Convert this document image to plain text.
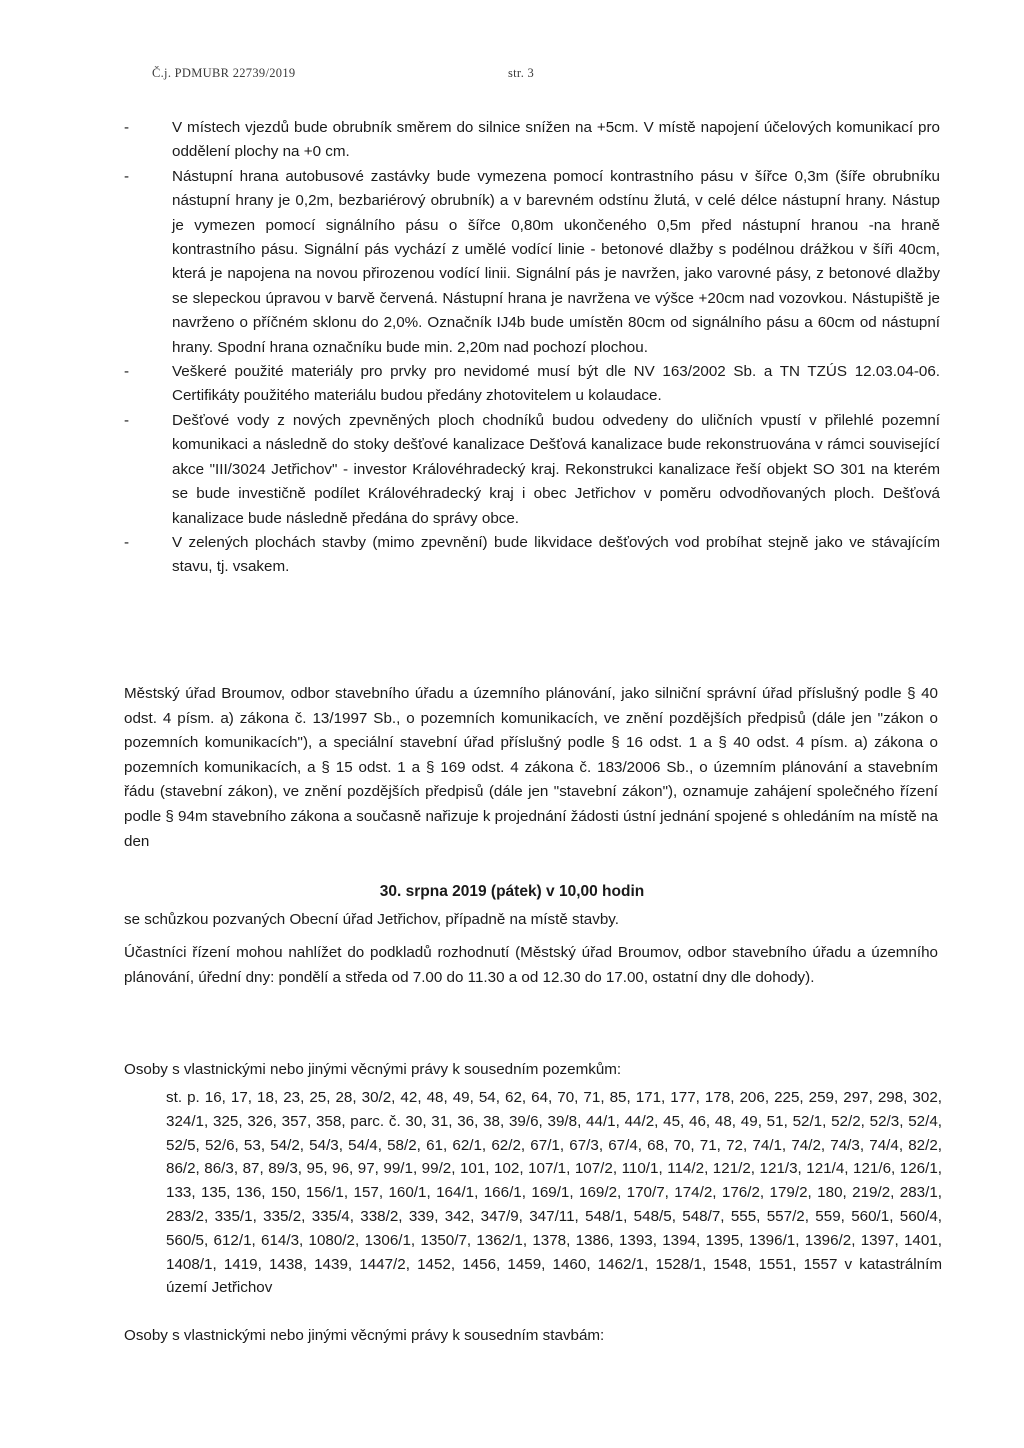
Č.j. PDMUBR 22739/2019	str. 3
-	V místech vjezdů bude obrubník směrem do silnice snížen na +5cm. V místě napojení účelových komunikací pro oddělení plochy na +0 cm.
-	Nástupní hrana autobusové zastávky bude vymezena pomocí kontrastního pásu v šířce 0,3m (šíře obrubníku nástupní hrany je 0,2m, bezbariérový obrubník) a v barevném odstínu žlutá, v celé délce nástupní hrany. Nástup je vymezen pomocí signálního pásu o šířce 0,80m ukončeného 0,5m před nástupní hranou -na hraně kontrastního pásu. Signální pás vychází z umělé vodící linie - betonové dlažby s podélnou drážkou v šíři 40cm, která je napojena na novou přirozenou vodící linii. Signální pás je navržen, jako varovné pásy, z betonové dlažby se slepeckou úpravou v barvě červená. Nástupní hrana je navržena ve výšce +20cm nad vozovkou. Nástupiště je navrženo o příčném sklonu do 2,0%. Označník IJ4b bude umístěn 80cm od signálního pásu a 60cm od nástupní hrany. Spodní hrana označníku bude min. 2,20m nad pochozí plochou.
-	Veškeré použité materiály pro prvky pro nevidomé musí být dle NV 163/2002 Sb. a TN TZÚS 12.03.04-06. Certifikáty použitého materiálu budou předány zhotovitelem u kolaudace.
-	Dešťové vody z nových zpevněných ploch chodníků budou odvedeny do uličních vpustí v přilehlé pozemní komunikaci a následně do stoky dešťové kanalizace Dešťová kanalizace bude rekonstruována v rámci související akce "III/3024 Jetřichov" - investor Královéhradecký kraj. Rekonstrukci kanalizace řeší objekt SO 301 na kterém se bude investičně podílet Královéhradecký kraj i obec Jetřichov v poměru odvodňovaných ploch. Dešťová kanalizace bude následně předána do správy obce.
-	V zelených plochách stavby (mimo zpevnění) bude likvidace dešťových vod probíhat stejně jako ve stávajícím stavu, tj. vsakem.

Městský úřad Broumov, odbor stavebního úřadu a územního plánování, jako silniční správní úřad příslušný podle § 40 odst. 4 písm. a) zákona č. 13/1997 Sb., o pozemních komunikacích, ve znění pozdějších předpisů (dále jen "zákon o pozemních komunikacích"), a speciální stavební úřad příslušný podle § 16 odst. 1 a § 40 odst. 4 písm. a) zákona o pozemních komunikacích, a § 15 odst. 1 a § 169 odst. 4 zákona č. 183/2006 Sb., o územním plánování a stavebním řádu (stavební zákon), ve znění pozdějších předpisů (dále jen "stavební zákon"), oznamuje zahájení společného řízení podle § 94m stavebního zákona a současně nařizuje k projednání žádosti ústní jednání spojené s ohledáním na místě na den

30. srpna 2019 (pátek) v 10,00 hodin

se schůzkou pozvaných Obecní úřad Jetřichov, případně na místě stavby.

Účastníci řízení mohou nahlížet do podkladů rozhodnutí (Městský úřad Broumov, odbor stavebního úřadu a územního plánování, úřední dny: pondělí a středa od 7.00 do 11.30 a od 12.30 do 17.00, ostatní dny dle dohody).

Osoby s vlastnickými nebo jinými věcnými právy k sousedním pozemkům:

st. p. 16, 17, 18, 23, 25, 28, 30/2, 42, 48, 49, 54, 62, 64, 70, 71, 85, 171, 177, 178, 206, 225, 259, 297, 298, 302, 324/1, 325, 326, 357, 358, parc. č. 30, 31, 36, 38, 39/6, 39/8, 44/1, 44/2, 45, 46, 48, 49, 51, 52/1, 52/2, 52/3, 52/4, 52/5, 52/6, 53, 54/2, 54/3, 54/4, 58/2, 61, 62/1, 62/2, 67/1, 67/3, 67/4, 68, 70, 71, 72, 74/1, 74/2, 74/3, 74/4, 82/2, 86/2, 86/3, 87, 89/3, 95, 96, 97, 99/1, 99/2, 101, 102, 107/1, 107/2, 110/1, 114/2, 121/2, 121/3, 121/4, 121/6, 126/1, 133, 135, 136, 150, 156/1, 157, 160/1, 164/1, 166/1, 169/1, 169/2, 170/7, 174/2, 176/2, 179/2, 180, 219/2, 283/1, 283/2, 335/1, 335/2, 335/4, 338/2, 339, 342, 347/9, 347/11, 548/1, 548/5, 548/7, 555, 557/2, 559, 560/1, 560/4, 560/5, 612/1, 614/3, 1080/2, 1306/1, 1350/7, 1362/1, 1378, 1386, 1393, 1394, 1395, 1396/1, 1396/2, 1397, 1401, 1408/1, 1419, 1438, 1439, 1447/2, 1452, 1456, 1459, 1460, 1462/1, 1528/1, 1548, 1551, 1557 v katastrálním území Jetřichov

Osoby s vlastnickými nebo jinými věcnými právy k sousedním stavbám:
